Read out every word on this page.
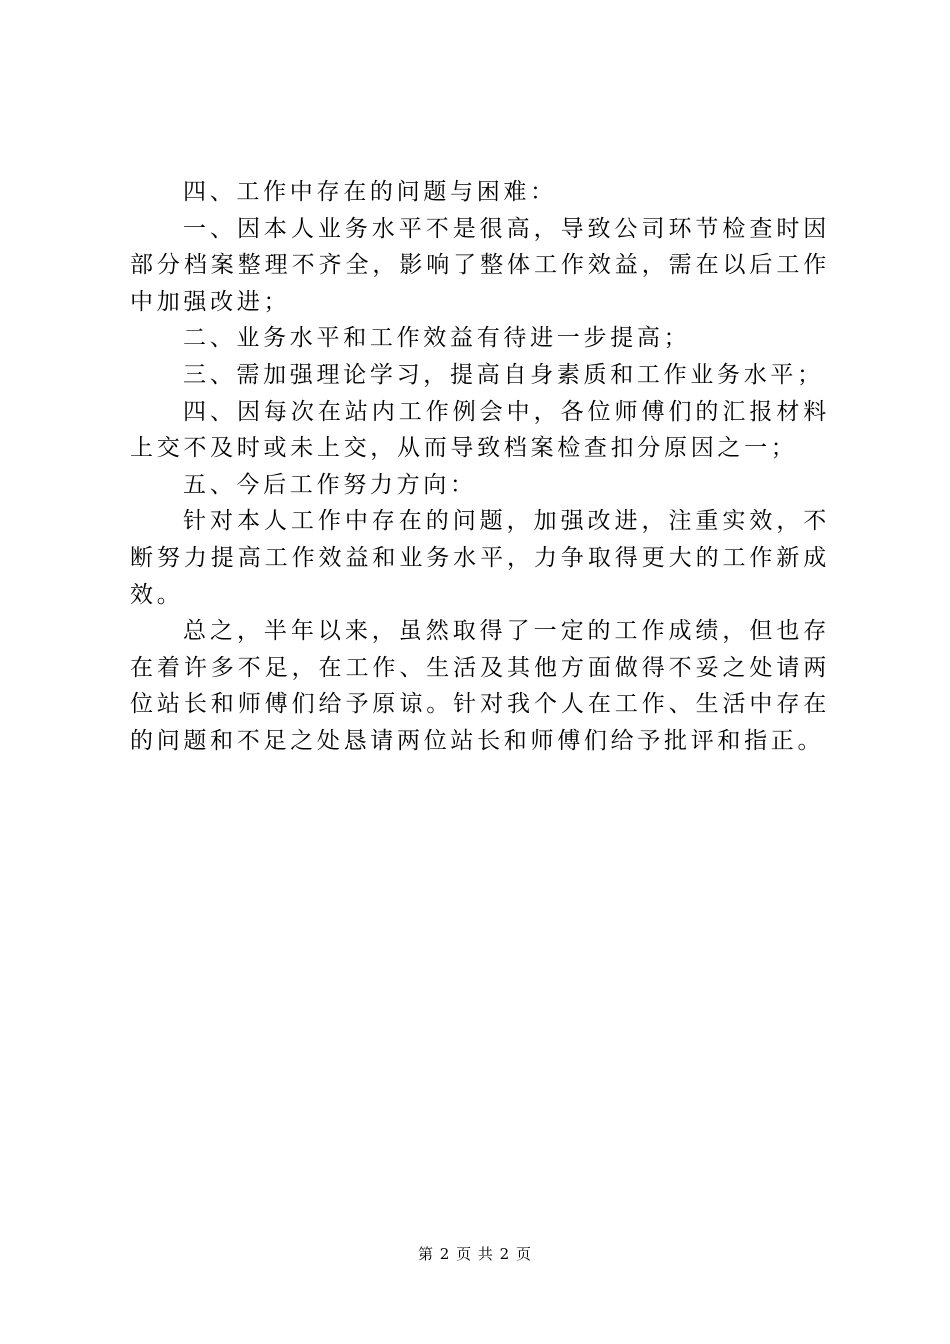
四、工作中存在的问题与困难：

一、因本人业务水平不是很高，导致公司环节检查时因部分档案整理不齐全，影响了整体工作效益，需在以后工作中加强改进；

二、业务水平和工作效益有待进一步提高；

三、需加强理论学习，提高自身素质和工作业务水平；

四、因每次在站内工作例会中，各位师傅们的汇报材料上交不及时或未上交，从而导致档案检查扣分原因之一；

五、今后工作努力方向：

针对本人工作中存在的问题，加强改进，注重实效，不断努力提高工作效益和业务水平，力争取得更大的工作新成效。

总之，半年以来，虽然取得了一定的工作成绩，但也存在着许多不足，在工作、生活及其他方面做得不妥之处请两位站长和师傅们给予原谅。针对我个人在工作、生活中存在的问题和不足之处恳请两位站长和师傅们给予批评和指正。

第 2 页 共 2 页
